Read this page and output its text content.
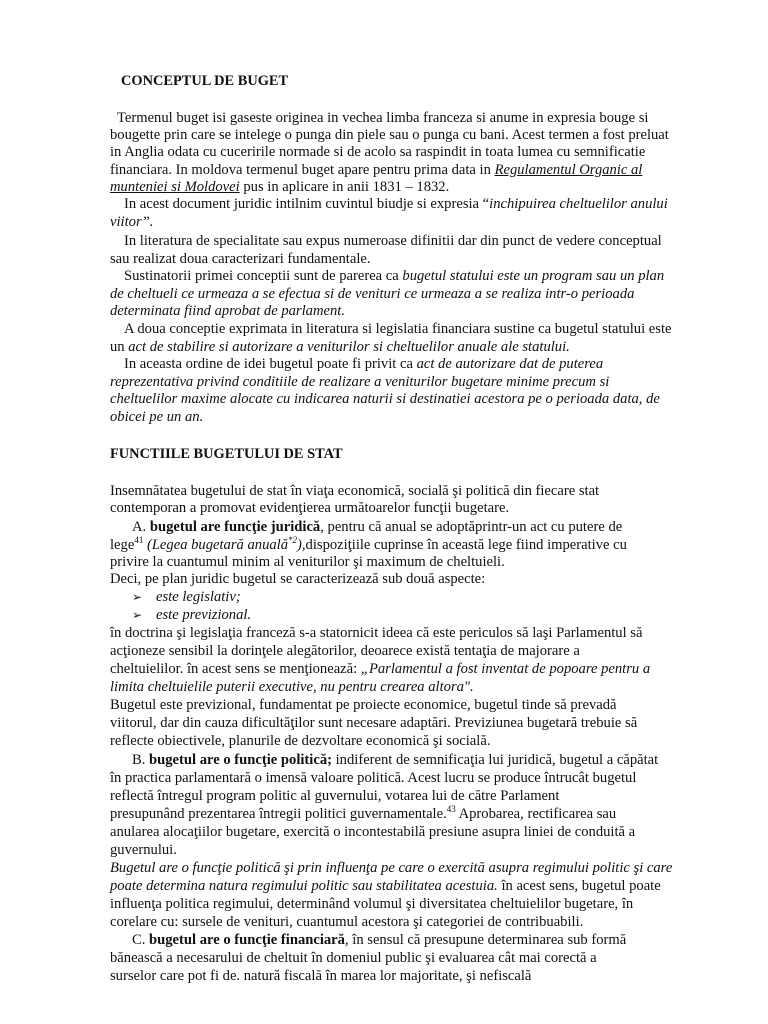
CONCEPTUL DE BUGET
Termenul buget isi gaseste originea in vechea limba franceza si anume in expresia bouge si
bougette prin care se intelege o punga din piele sau o punga cu bani. Acest termen a fost preluat
in Anglia odata cu cuceririle normade si de acolo sa raspindit in toata lumea cu semnificatie
financiara. In moldova termenul buget apare pentru prima data in Regulamentul Organic al
munteniei si Moldovei pus in aplicare in anii 1831 – 1832.
In acest document juridic intilnim cuvintul biudje si expresia “inchipuirea cheltuelilor anului
viitor”.
In literatura de specialitate sau expus numeroase difinitii dar din punct de vedere conceptual
sau realizat doua caracterizari fundamentale.
Sustinatorii primei conceptii sunt de parerea ca bugetul statului este un program sau un plan
de cheltueli ce urmeaza a se efectua si de venituri ce urmeaza a se realiza intr-o perioada
determinata fiind aprobat de parlament.
A doua conceptie exprimata in literatura si legislatia financiara sustine ca bugetul statului este
un act de stabilire si autorizare a veniturilor si cheltuelilor anuale ale statului.
In aceasta ordine de idei bugetul poate fi privit ca act de autorizare dat de puterea
reprezentativa privind conditiile de realizare a veniturilor bugetare minime precum si
cheltuelilor maxime alocate cu indicarea naturii si destinatiei acestora pe o perioada data, de
obicei pe un an.
FUNCTIILE BUGETULUI DE STAT
Insemnătatea bugetului de stat în viaţa economică, socială şi politică din fiecare stat
contemporan a promovat evidenţierea următoarelor funcţii bugetare.
A. bugetul are funcţie juridică, pentru că anual se adoptăprintr-un act cu putere de
lege$^{41}$ (Legea bugetară anuală$^{*2}$),dispoziţiile cuprinse în această lege fiind imperative cu
privire la cuantumul minim al veniturilor şi maximum de cheltuieli.
Deci, pe plan juridic bugetul se caracterizează sub două aspecte:
➢ este legislativ;
➢ este previzional.
în doctrina şi legislaţia franceză s-a statornicit ideea că este periculos să laşi Parlamentul să
acţioneze sensibil la dorinţele alegătorilor, deoarece există tentaţia de majorare a
cheltuielilor. în acest sens se menţionează: „Parlamentul a fost inventat de popoare pentru a
limita cheltuielile puterii executive, nu pentru crearea altora".
Bugetul este previzional, fundamentat pe proiecte economice, bugetul tinde să prevadă
viitorul, dar din cauza dificultăţilor sunt necesare adaptări. Previziunea bugetară trebuie să
reflecte obiectivele, planurile de dezvoltare economică şi socială.
B. bugetul are o funcţie politică; indiferent de semnificaţia lui juridică, bugetul a căpătat
în practica parlamentară o imensă valoare politică. Acest lucru se produce întrucât bugetul
reflectă întregul program politic al guvernului, votarea lui de către Parlament
presupunând prezentarea întregii politici guvernamentale.$^{43}$ Aprobarea, rectificarea sau
anularea alocaţiilor bugetare, exercită o incontestabilă presiune asupra liniei de conduită a
guvernului.
Bugetul are o funcţie politică şi prin influenţa pe care o exercită asupra regimului politic şi care
poate determina natura regimului politic sau stabilitatea acestuia. în acest sens, bugetul poate
influenţa politica regimului, determinând volumul şi diversitatea cheltuielilor bugetare, în
corelare cu: sursele de venituri, cuantumul acestora şi categoriei de contribuabili.
C. bugetul are o funcţie financiară, în sensul că presupune determinarea sub formă
bănească a necesarului de cheltuit în domeniul public şi evaluarea cât mai corectă a
surselor care pot fi de. natură fiscală în marea lor majoritate, şi nefiscală
